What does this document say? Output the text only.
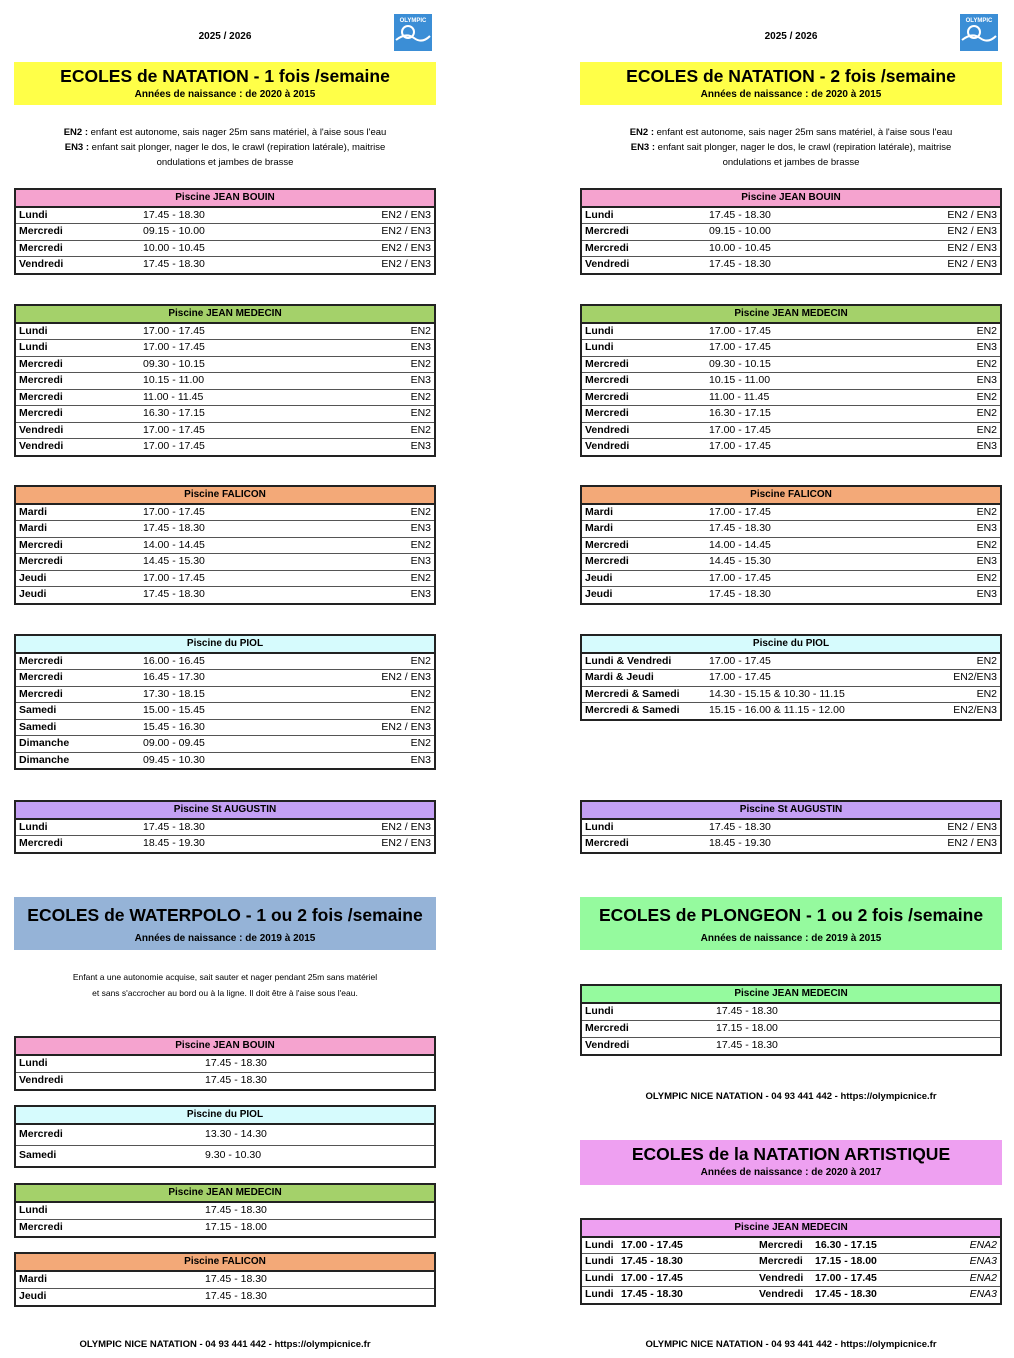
2025 / 2026
OLYMPIC
ECOLES de NATATION - 1 fois /semaine
Années de naissance : de 2020 à 2015
EN2 : enfant est autonome, sais nager 25m sans matériel, à l'aise sous l'eau
EN3 : enfant sait plonger, nager le dos, le crawl (repiration latérale), maitrise
ondulations et jambes de brasse
Piscine JEAN BOUIN		
Lundi	17.45 - 18.30	EN2 / EN3
Mercredi	09.15 - 10.00	EN2 / EN3
Mercredi	10.00 - 10.45	EN2 / EN3
Vendredi	17.45 - 18.30	EN2 / EN3
Piscine JEAN MEDECIN		
Lundi	17.00 - 17.45	EN2
Lundi	17.00 - 17.45	EN3
Mercredi	09.30 - 10.15	EN2
Mercredi	10.15 - 11.00	EN3
Mercredi	11.00 - 11.45	EN2
Mercredi	16.30 - 17.15	EN2
Vendredi	17.00 - 17.45	EN2
Vendredi	17.00 - 17.45	EN3
Piscine FALICON		
Mardi	17.00 - 17.45	EN2
Mardi	17.45 - 18.30	EN3
Mercredi	14.00 - 14.45	EN2
Mercredi	14.45 - 15.30	EN3
Jeudi	17.00 - 17.45	EN2
Jeudi	17.45 - 18.30	EN3
Piscine du PIOL		
Mercredi	16.00 - 16.45	EN2
Mercredi	16.45 - 17.30	EN2 / EN3
Mercredi	17.30 - 18.15	EN2
Samedi	15.00 - 15.45	EN2
Samedi	15.45 - 16.30	EN2 / EN3
Dimanche	09.00 - 09.45	EN2
Dimanche	09.45 - 10.30	EN3
Piscine St AUGUSTIN		
Lundi	17.45 - 18.30	EN2 / EN3
Mercredi	18.45 - 19.30	EN2 / EN3
ECOLES de WATERPOLO - 1 ou 2 fois /semaine
Années de naissance : de 2019 à 2015
Enfant a une autonomie acquise, sait sauter et nager pendant 25m sans matériel
et sans s'accrocher au bord ou à la ligne. Il doit être à l'aise sous l'eau.
Piscine JEAN BOUIN	
Lundi	17.45 - 18.30
Vendredi	17.45 - 18.30
Piscine du PIOL	
Mercredi	13.30 - 14.30
Samedi	9.30 - 10.30
Piscine JEAN MEDECIN	
Lundi	17.45 - 18.30
Mercredi	17.15 - 18.00
Piscine FALICON	
Mardi	17.45 - 18.30
Jeudi	17.45 - 18.30
OLYMPIC NICE NATATION - 04 93 441 442 - https://olympicnice.fr
2025 / 2026
OLYMPIC
ECOLES de NATATION - 2 fois /semaine
Années de naissance : de 2020 à 2015
EN2 : enfant est autonome, sais nager 25m sans matériel, à l'aise sous l'eau
EN3 : enfant sait plonger, nager le dos, le crawl (repiration latérale), maitrise
ondulations et jambes de brasse
Piscine JEAN BOUIN		
Lundi	17.45 - 18.30	EN2 / EN3
Mercredi	09.15 - 10.00	EN2 / EN3
Mercredi	10.00 - 10.45	EN2 / EN3
Vendredi	17.45 - 18.30	EN2 / EN3
Piscine JEAN MEDECIN		
Lundi	17.00 - 17.45	EN2
Lundi	17.00 - 17.45	EN3
Mercredi	09.30 - 10.15	EN2
Mercredi	10.15 - 11.00	EN3
Mercredi	11.00 - 11.45	EN2
Mercredi	16.30 - 17.15	EN2
Vendredi	17.00 - 17.45	EN2
Vendredi	17.00 - 17.45	EN3
Piscine FALICON		
Mardi	17.00 - 17.45	EN2
Mardi	17.45 - 18.30	EN3
Mercredi	14.00 - 14.45	EN2
Mercredi	14.45 - 15.30	EN3
Jeudi	17.00 - 17.45	EN2
Jeudi	17.45 - 18.30	EN3
Piscine du PIOL		
Lundi & Vendredi	17.00 - 17.45	EN2
Mardi & Jeudi	17.00 - 17.45	EN2/EN3
Mercredi & Samedi	14.30 - 15.15 & 10.30 - 11.15	EN2
Mercredi & Samedi	15.15 - 16.00 & 11.15 - 12.00	EN2/EN3
Piscine St AUGUSTIN		
Lundi	17.45 - 18.30	EN2 / EN3
Mercredi	18.45 - 19.30	EN2 / EN3
ECOLES de PLONGEON - 1 ou 2 fois /semaine
Années de naissance : de 2019 à 2015
Piscine JEAN MEDECIN	
Lundi	17.45 - 18.30
Mercredi	17.15 - 18.00
Vendredi	17.45 - 18.30
OLYMPIC NICE NATATION - 04 93 441 442 - https://olympicnice.fr
ECOLES de la NATATION ARTISTIQUE
Années de naissance : de 2020 à 2017
Piscine JEAN MEDECIN				
Lundi	17.00 - 17.45	Mercredi	16.30 - 17.15	ENA2
Lundi	17.45 - 18.30	Mercredi	17.15 - 18.00	ENA3
Lundi	17.00 - 17.45	Vendredi	17.00 - 17.45	ENA2
Lundi	17.45 - 18.30	Vendredi	17.45 - 18.30	ENA3
OLYMPIC NICE NATATION - 04 93 441 442 - https://olympicnice.fr
